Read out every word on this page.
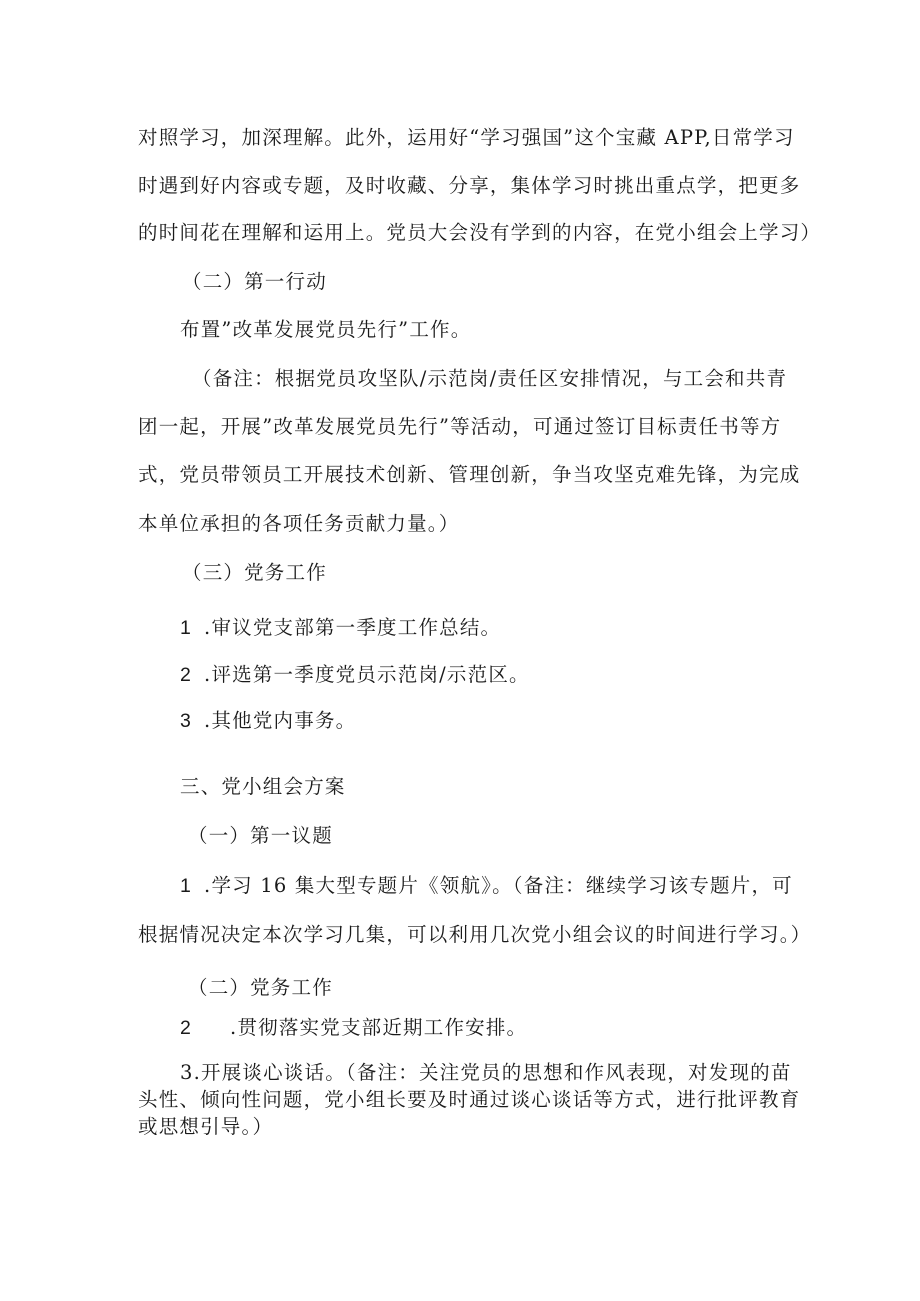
对照学习，加深理解。此外，运用好“学习强国”这个宝藏 APP,日常学习
时遇到好内容或专题，及时收藏、分享，集体学习时挑出重点学，把更多
的时间花在理解和运用上。党员大会没有学到的内容，在党小组会上学习）
（二）第一行动
布置”改革发展党员先行”工作。
（备注：根据党员攻坚队/示范岗/责任区安排情况，与工会和共青
团一起，开展”改革发展党员先行”等活动，可通过签订目标责任书等方
式，党员带领员工开展技术创新、管理创新，争当攻坚克难先锋，为完成
本单位承担的各项任务贡献力量。）
（三）党务工作
1 .审议党支部第一季度工作总结。
2 .评选第一季度党员示范岗/示范区。
3 .其他党内事务。
三、党小组会方案
（一）第一议题
1 .学习 16 集大型专题片《领航》。（备注：继续学习该专题片，可
根据情况决定本次学习几集，可以利用几次党小组会议的时间进行学习。）
（二）党务工作
2 .贯彻落实党支部近期工作安排。
3.开展谈心谈话。（备注：关注党员的思想和作风表现，对发现的苗
头性、倾向性问题，党小组长要及时通过谈心谈话等方式，进行批评教育
或思想引导。）
